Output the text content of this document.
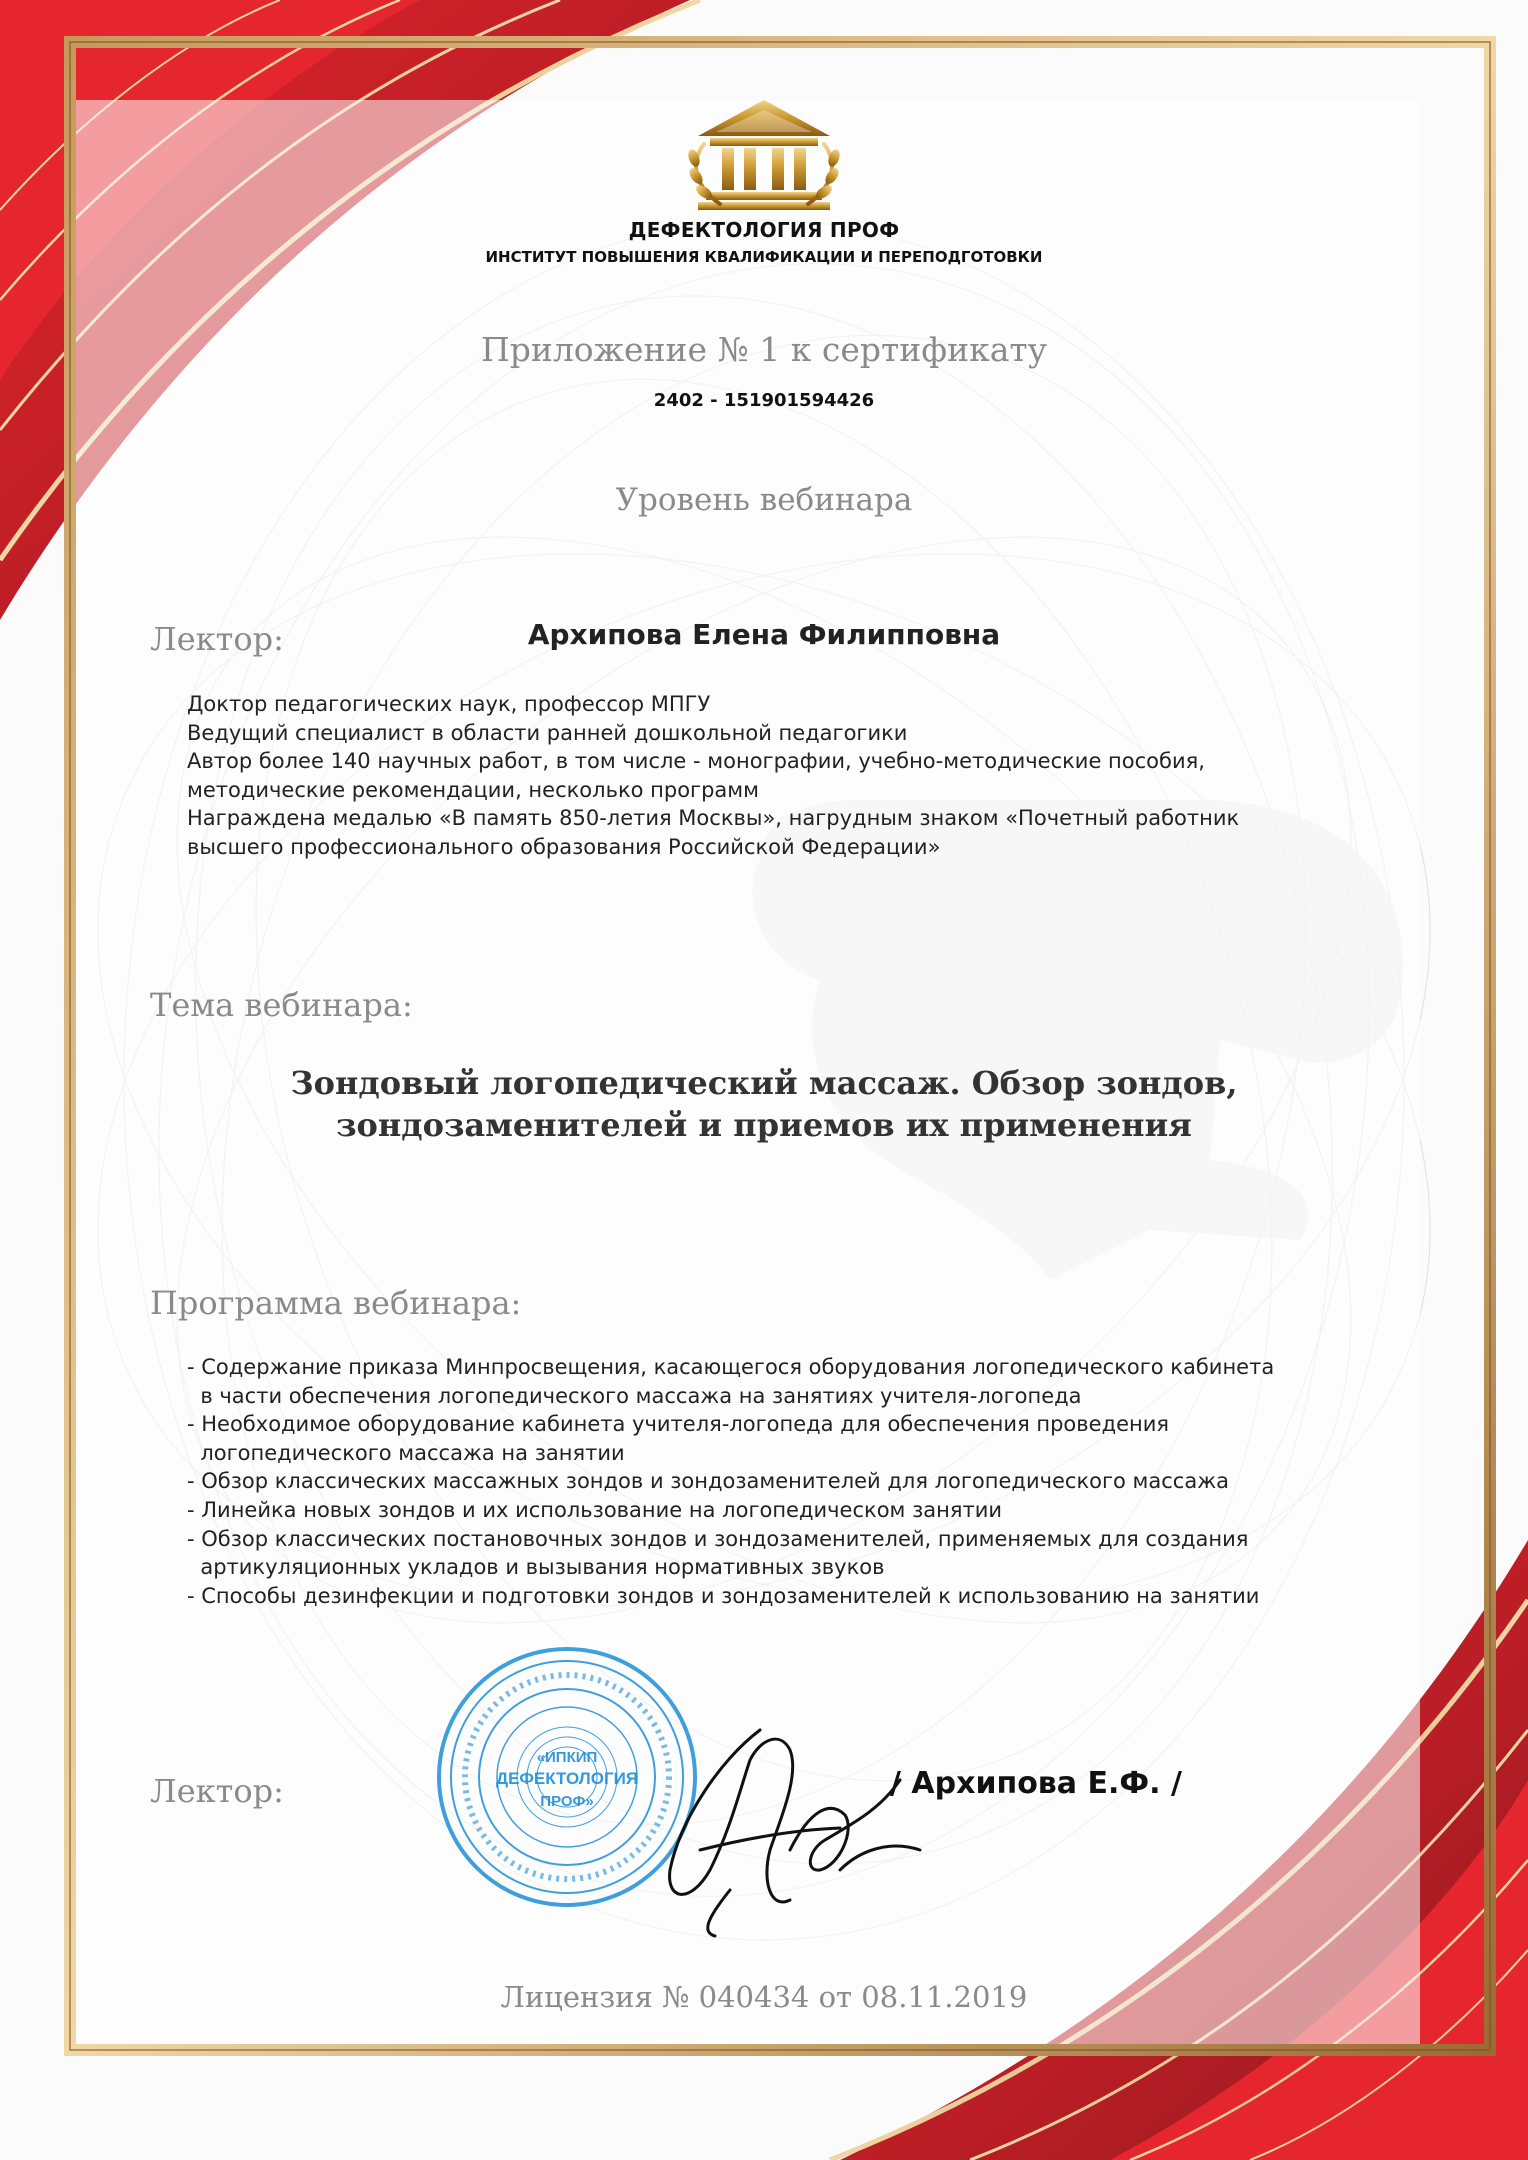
ДЕФЕКТОЛОГИЯ ПРОФ
ИНСТИТУТ ПОВЫШЕНИЯ КВАЛИФИКАЦИИ И ПЕРЕПОДГОТОВКИ
Приложение № 1 к сертификату
2402 - 151901594426
Уровень вебинара
Лектор:	Архипова Елена Филипповна
Доктор педагогических наук, профессор МПГУ
Ведущий специалист в области ранней дошкольной педагогики
Автор более 140 научных работ, в том числе - монографии, учебно-методические пособия,
методические рекомендации, несколько программ
Награждена медалью «В память 850-летия Москвы», нагрудным знаком «Почетный работник
высшего профессионального образования Российской Федерации»
Тема вебинара:
Зондовый логопедический массаж. Обзор зондов,
зондозаменителей и приемов их применения
Программа вебинара:
- Содержание приказа Минпросвещения, касающегося оборудования логопедического кабинета
в части обеспечения логопедического массажа на занятиях учителя-логопеда
- Необходимое оборудование кабинета учителя-логопеда для обеспечения проведения
логопедического массажа на занятии
- Обзор классических массажных зондов и зондозаменителей для логопедического массажа
- Линейка новых зондов и их использование на логопедическом занятии
- Обзор классических постановочных зондов и зондозаменителей, применяемых для создания
артикуляционных укладов и вызывания нормативных звуков
- Способы дезинфекции и подготовки зондов и зондозаменителей к использованию на занятии
Лектор:
«ИПКИП
ДЕФЕКТОЛОГИЯ
ПРОФ»
/ Архипова Е.Ф. /
Лицензия № 040434 от 08.11.2019
